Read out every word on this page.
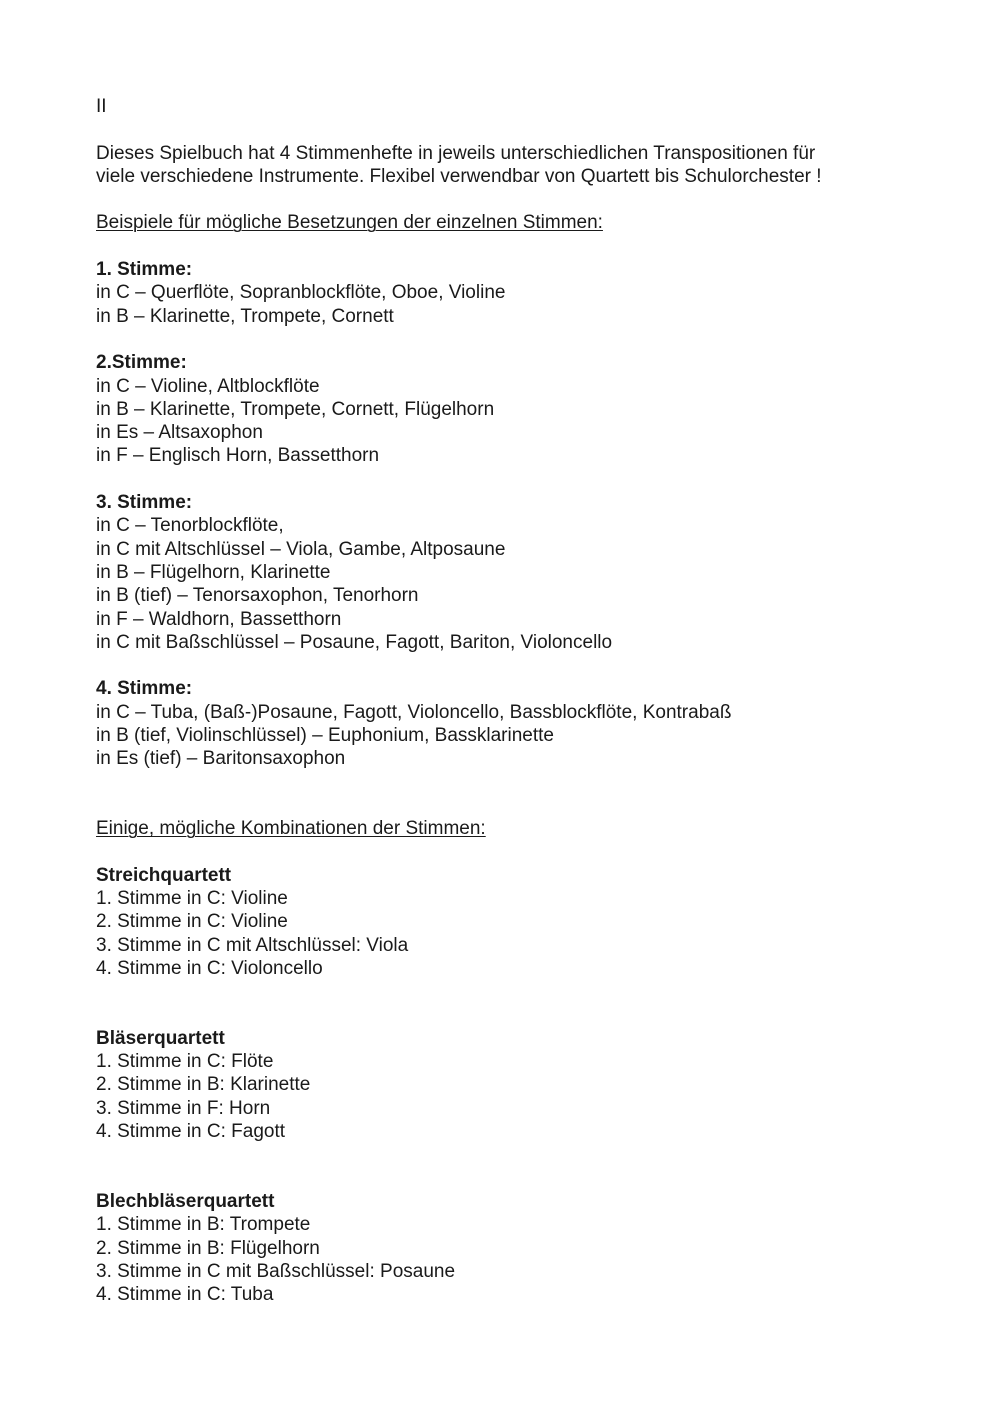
II
Dieses Spielbuch hat 4 Stimmenhefte in jeweils unterschiedlichen Transpositionen für
viele verschiedene Instrumente. Flexibel verwendbar von Quartett bis Schulorchester !
Beispiele für mögliche Besetzungen der einzelnen Stimmen:
1. Stimme:
in C – Querflöte, Sopranblockflöte, Oboe, Violine
in B – Klarinette, Trompete, Cornett
2.Stimme:
in C – Violine, Altblockflöte
in B – Klarinette, Trompete, Cornett, Flügelhorn
in Es – Altsaxophon
in F – Englisch Horn, Bassetthorn
3. Stimme:
in C – Tenorblockflöte,
in C mit Altschlüssel – Viola, Gambe, Altposaune
in B – Flügelhorn, Klarinette
in B (tief) – Tenorsaxophon, Tenorhorn
in F – Waldhorn, Bassetthorn
in C mit Baßschlüssel – Posaune, Fagott, Bariton, Violoncello
4. Stimme:
in C – Tuba, (Baß-)Posaune, Fagott, Violoncello, Bassblockflöte, Kontrabaß
in B (tief, Violinschlüssel) – Euphonium, Bassklarinette
in Es (tief) – Baritonsaxophon
Einige, mögliche Kombinationen der Stimmen:
Streichquartett
1. Stimme in C: Violine
2. Stimme in C: Violine
3. Stimme in C mit Altschlüssel: Viola
4. Stimme in C: Violoncello
Bläserquartett
1. Stimme in C: Flöte
2. Stimme in B: Klarinette
3. Stimme in F: Horn
4. Stimme in C: Fagott
Blechbläserquartett
1. Stimme in B: Trompete
2. Stimme in B: Flügelhorn
3. Stimme in C mit Baßschlüssel: Posaune
4. Stimme in C: Tuba
